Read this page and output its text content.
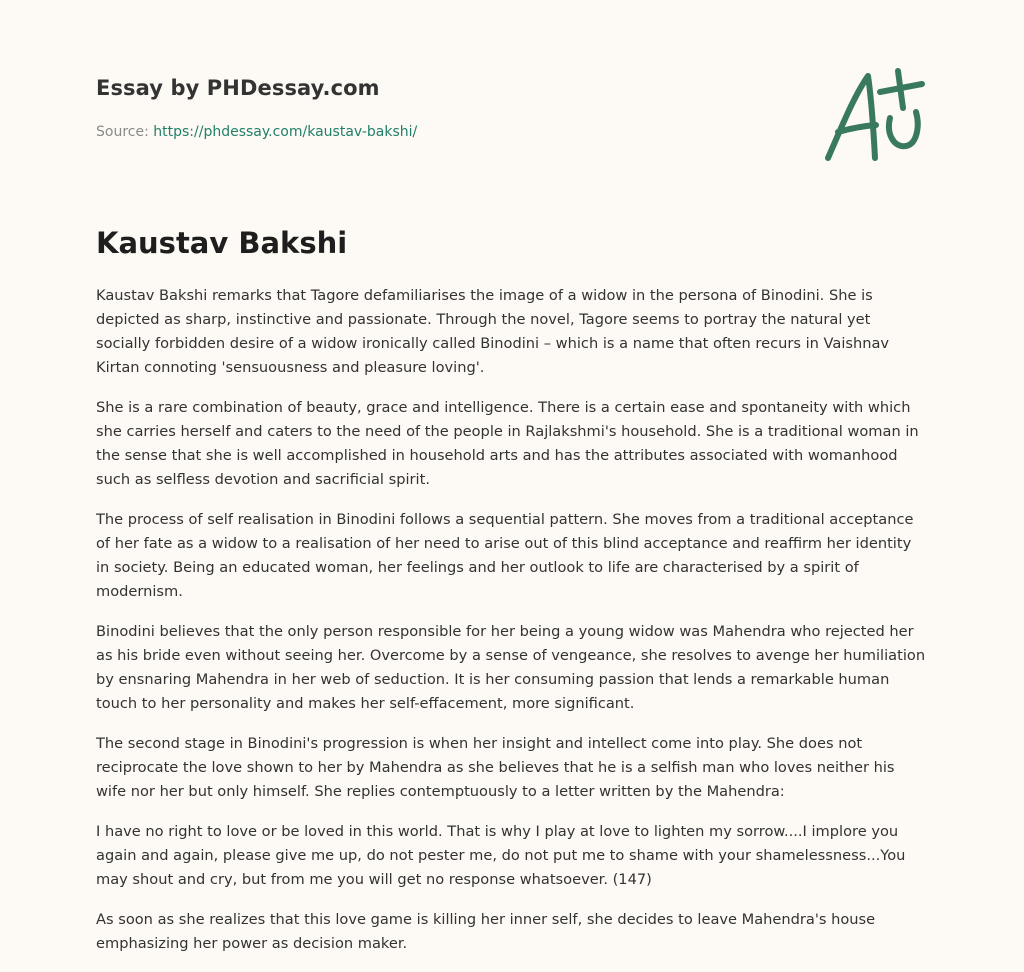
Essay by PHDessay.com

Source: https://phdessay.com/kaustav-bakshi/

Kaustav Bakshi

Kaustav Bakshi remarks that Tagore defamiliarises the image of a widow in the persona of Binodini. She is depicted as sharp, instinctive and passionate. Through the novel, Tagore seems to portray the natural yet socially forbidden desire of a widow ironically called Binodini – which is a name that often recurs in Vaishnav Kirtan connoting 'sensuousness and pleasure loving'.

She is a rare combination of beauty, grace and intelligence. There is a certain ease and spontaneity with which she carries herself and caters to the need of the people in Rajlakshmi's household. She is a traditional woman in the sense that she is well accomplished in household arts and has the attributes associated with womanhood such as selfless devotion and sacrificial spirit.

The process of self realisation in Binodini follows a sequential pattern. She moves from a traditional acceptance of her fate as a widow to a realisation of her need to arise out of this blind acceptance and reaffirm her identity in society. Being an educated woman, her feelings and her outlook to life are characterised by a spirit of modernism.

Binodini believes that the only person responsible for her being a young widow was Mahendra who rejected her as his bride even without seeing her. Overcome by a sense of vengeance, she resolves to avenge her humiliation by ensnaring Mahendra in her web of seduction. It is her consuming passion that lends a remarkable human touch to her personality and makes her self-effacement, more significant.

The second stage in Binodini's progression is when her insight and intellect come into play. She does not reciprocate the love shown to her by Mahendra as she believes that he is a selfish man who loves neither his wife nor her but only himself. She replies contemptuously to a letter written by the Mahendra:

I have no right to love or be loved in this world. That is why I play at love to lighten my sorrow....I implore you again and again, please give me up, do not pester me, do not put me to shame with your shamelessness...You may shout and cry, but from me you will get no response whatsoever. (147)

As soon as she realizes that this love game is killing her inner self, she decides to leave Mahendra's house emphasizing her power as decision maker.
